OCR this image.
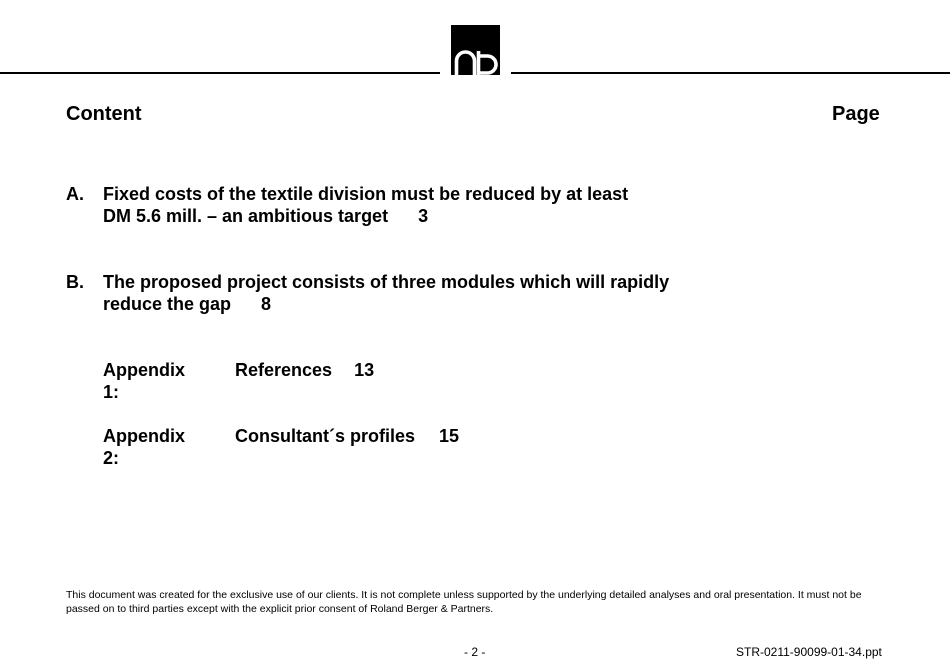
Content	Page
A. Fixed costs of the textile division must be reduced by at least
DM 5.6 mill. – an ambitious target 3
B. The proposed project consists of three modules which will rapidly
reduce the gap 8
Appendix 1:
References 13
Appendix 2:
Consultant´s profiles 15
This document was created for the exclusive use of our clients. It is not complete unless supported by the underlying detailed analyses and oral presentation. It must not be passed on to third parties except with the explicit prior consent of Roland Berger & Partners.
- 2 -	STR-0211-90099-01-34.ppt
